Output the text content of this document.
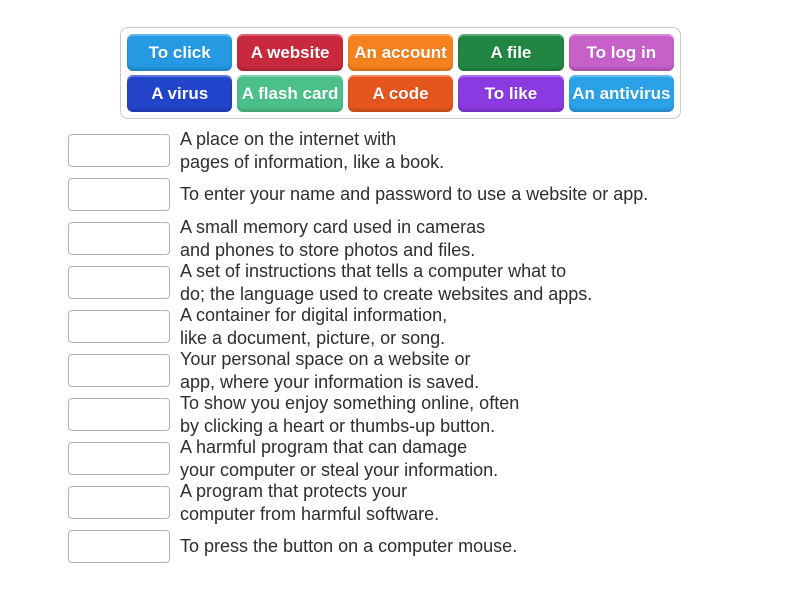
To click	A website	An account	A file	To log in
A virus	A flash card	A code	To like	An antivirus
A place on the internet with
pages of information, like a book.
To enter your name and password to use a website or app.
A small memory card used in cameras
and phones to store photos and files.
A set of instructions that tells a computer what to
do; the language used to create websites and apps.
A container for digital information,
like a document, picture, or song.
Your personal space on a website or
app, where your information is saved.
To show you enjoy something online, often
by clicking a heart or thumbs-up button.
A harmful program that can damage
your computer or steal your information.
A program that protects your
computer from harmful software.
To press the button on a computer mouse.
